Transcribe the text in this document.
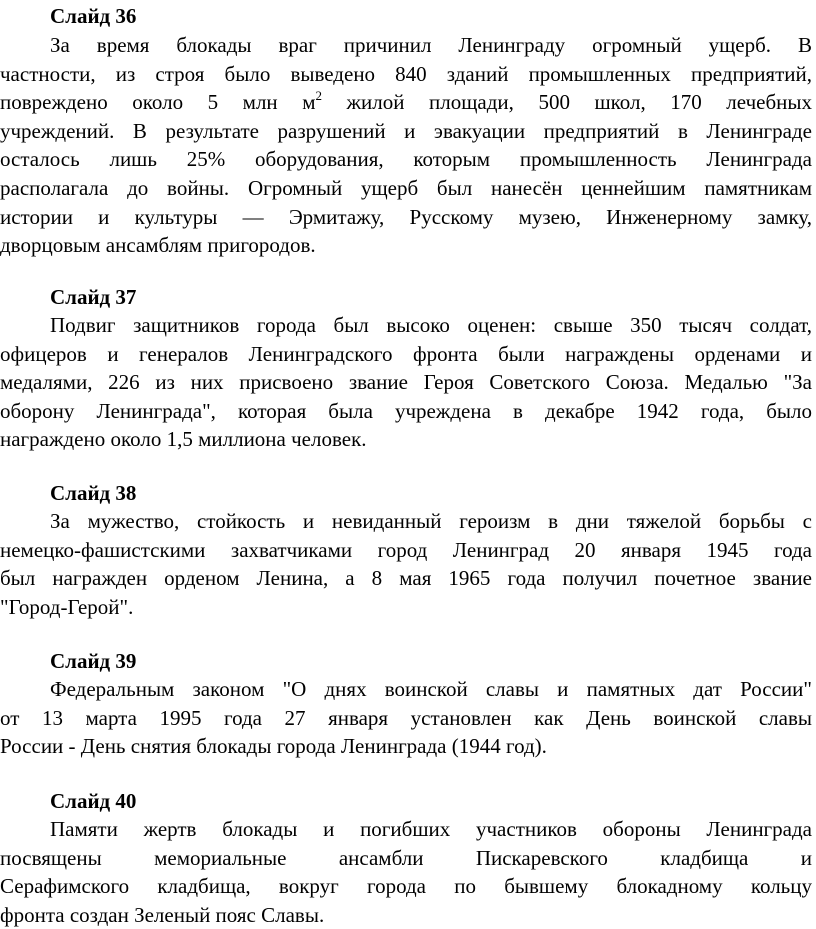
Слайд 36
За время блокады враг причинил Ленинграду огромный ущерб. В
частности, из строя было выведено 840 зданий промышленных предприятий,
повреждено около 5 млн $м^2$ жилой площади, 500 школ, 170 лечебных
учреждений. В результате разрушений и эвакуации предприятий в Ленинграде
осталось лишь 25% оборудования, которым промышленность Ленинграда
располагала до войны. Огромный ущерб был нанесён ценнейшим памятникам
истории и культуры — Эрмитажу, Русскому музею, Инженерному замку,
дворцовым ансамблям пригородов.
Слайд 37
Подвиг защитников города был высоко оценен: свыше 350 тысяч солдат,
офицеров и генералов Ленинградского фронта были награждены орденами и
медалями, 226 из них присвоено звание Героя Советского Союза. Медалью "За
оборону Ленинграда", которая была учреждена в декабре 1942 года, было
награждено около 1,5 миллиона человек.
Слайд 38
За мужество, стойкость и невиданный героизм в дни тяжелой борьбы с
немецко-фашистскими захватчиками город Ленинград 20 января 1945 года
был награжден орденом Ленина, а 8 мая 1965 года получил почетное звание
"Город-Герой".
Слайд 39
Федеральным законом "О днях воинской славы и памятных дат России"
от 13 марта 1995 года 27 января установлен как День воинской славы
России - День снятия блокады города Ленинграда (1944 год).
Слайд 40
Памяти жертв блокады и погибших участников обороны Ленинграда
посвящены мемориальные ансамбли Пискаревского кладбища и
Серафимского кладбища, вокруг города по бывшему блокадному кольцу
фронта создан Зеленый пояс Славы.
